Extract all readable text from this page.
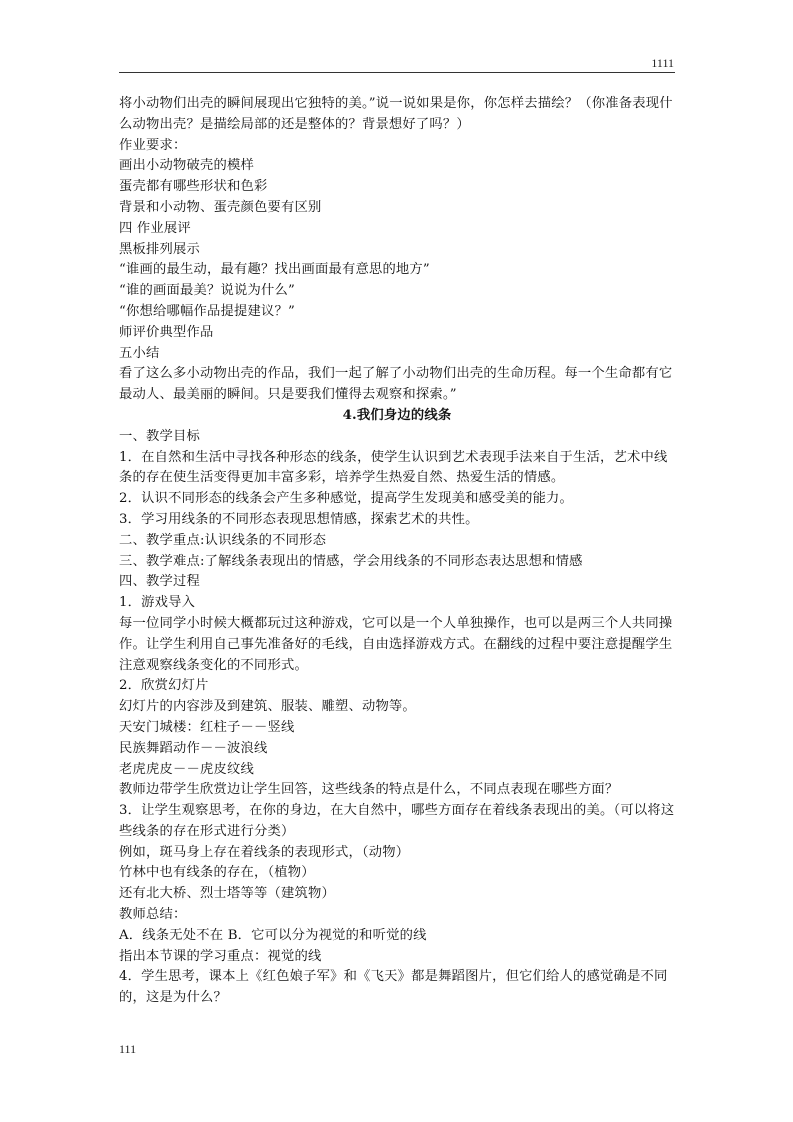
1111

将小动物们出壳的瞬间展现出它独特的美。”说一说如果是你，你怎样去描绘？（你准备表现什么动物出壳？是描绘局部的还是整体的？背景想好了吗？）

作业要求：

画出小动物破壳的模样

蛋壳都有哪些形状和色彩

背景和小动物、蛋壳颜色要有区别

四 作业展评

黑板排列展示

“谁画的最生动，最有趣？找出画面最有意思的地方”

“谁的画面最美？说说为什么”

“你想给哪幅作品提提建议？”

师评价典型作品

五小结

看了这么多小动物出壳的作品，我们一起了解了小动物们出壳的生命历程。每一个生命都有它最动人、最美丽的瞬间。只是要我们懂得去观察和探索。”

4.我们身边的线条

一、教学目标

1．在自然和生活中寻找各种形态的线条，使学生认识到艺术表现手法来自于生活，艺术中线条的存在使生活变得更加丰富多彩，培养学生热爱自然、热爱生活的情感。

2．认识不同形态的线条会产生多种感觉，提高学生发现美和感受美的能力。

3．学习用线条的不同形态表现思想情感，探索艺术的共性。

二、教学重点:认识线条的不同形态

三、教学难点:了解线条表现出的情感，学会用线条的不同形态表达思想和情感

四、教学过程

1．游戏导入

每一位同学小时候大概都玩过这种游戏，它可以是一个人单独操作，也可以是两三个人共同操作。让学生利用自己事先准备好的毛线，自由选择游戏方式。在翻线的过程中要注意提醒学生注意观察线条变化的不同形式。

2．欣赏幻灯片

幻灯片的内容涉及到建筑、服装、雕塑、动物等。

天安门城楼：红柱子－－竖线

民族舞蹈动作－－波浪线

老虎虎皮－－虎皮纹线

教师边带学生欣赏边让学生回答，这些线条的特点是什么，不同点表现在哪些方面？

3．让学生观察思考，在你的身边，在大自然中，哪些方面存在着线条表现出的美。（可以将这些线条的存在形式进行分类）

例如，斑马身上存在着线条的表现形式，（动物）

竹林中也有线条的存在，（植物）

还有北大桥、烈士塔等等（建筑物）

教师总结：

A．线条无处不在 B．它可以分为视觉的和听觉的线

指出本节课的学习重点：视觉的线

4．学生思考，课本上《红色娘子军》和《飞天》都是舞蹈图片，但它们给人的感觉确是不同的，这是为什么？

111
